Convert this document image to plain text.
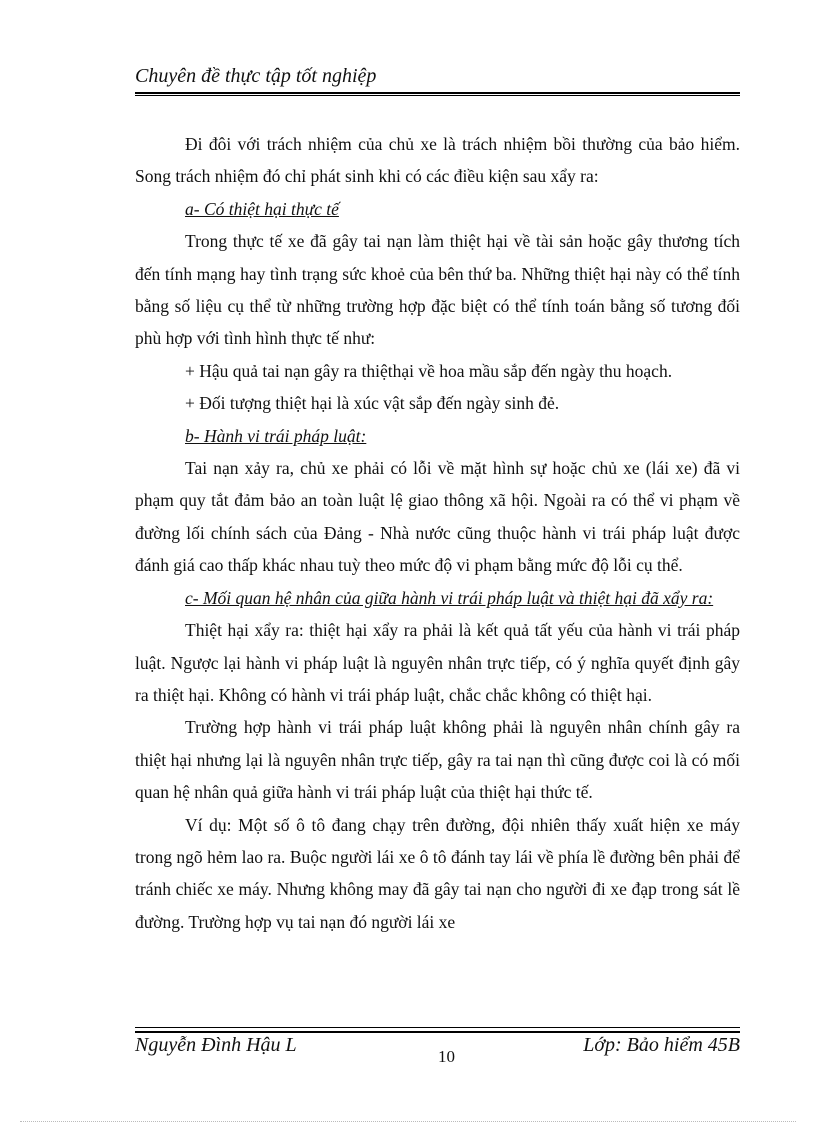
Chuyên đề thực tập tốt nghiệp

Đi đôi với trách nhiệm của chủ xe là trách nhiệm bồi thường của bảo hiểm. Song trách nhiệm đó chỉ phát sinh khi có các điều kiện sau xẩy ra:

a- Có thiệt hại thực tế

Trong thực tế xe đã gây tai nạn làm thiệt hại về tài sản hoặc gây thương tích đến tính mạng hay tình trạng sức khoẻ của bên thứ ba. Những thiệt hại này có thể tính bằng số liệu cụ thể từ những trường hợp đặc biệt có thể tính toán bằng số tương đối phù hợp với tình hình thực tế như:

+ Hậu quả tai nạn gây ra thiệthại về hoa mầu sắp đến ngày thu hoạch.

+ Đối tượng thiệt hại là xúc vật sắp đến ngày sinh đẻ.

b- Hành vi trái pháp luật:

Tai nạn xảy ra, chủ xe phải có lỗi về mặt hình sự hoặc chủ xe (lái xe) đã vi phạm quy tắt đảm bảo an toàn luật lệ giao thông xã hội. Ngoài ra có thể vi phạm về đường lối chính sách của Đảng - Nhà nước cũng thuộc hành vi trái pháp luật được đánh giá cao thấp khác nhau tuỳ theo mức độ vi phạm bằng mức độ lỗi cụ thể.

c- Mối quan hệ nhân của giữa hành vi trái pháp luật và thiệt hại đã xẩy ra:

Thiệt hại xẩy ra: thiệt hại xẩy ra phải là kết quả tất yếu của hành vi trái pháp luật. Ngược lại hành vi pháp luật là nguyên nhân trực tiếp, có ý nghĩa quyết định gây ra thiệt hại. Không có hành vi trái pháp luật, chắc chắc không có thiệt hại.

Trường hợp hành vi trái pháp luật không phải là nguyên nhân chính gây ra thiệt hại nhưng lại là nguyên nhân trực tiếp, gây ra tai nạn thì cũng được coi là có mối quan hệ nhân quả giữa hành vi trái pháp luật của thiệt hại thức tế.

Ví dụ: Một số ô tô đang chạy trên đường, đội nhiên thấy xuất hiện xe máy trong ngõ hẻm lao ra. Buộc người lái xe ô tô đánh tay lái về phía lề đường bên phải để tránh chiếc xe máy. Nhưng không may đã gây tai nạn cho người đi xe đạp trong sát lề đường. Trường hợp vụ tai nạn đó người lái xe

Nguyễn Đình Hậu L	Lớp: Bảo hiểm 45B
10
